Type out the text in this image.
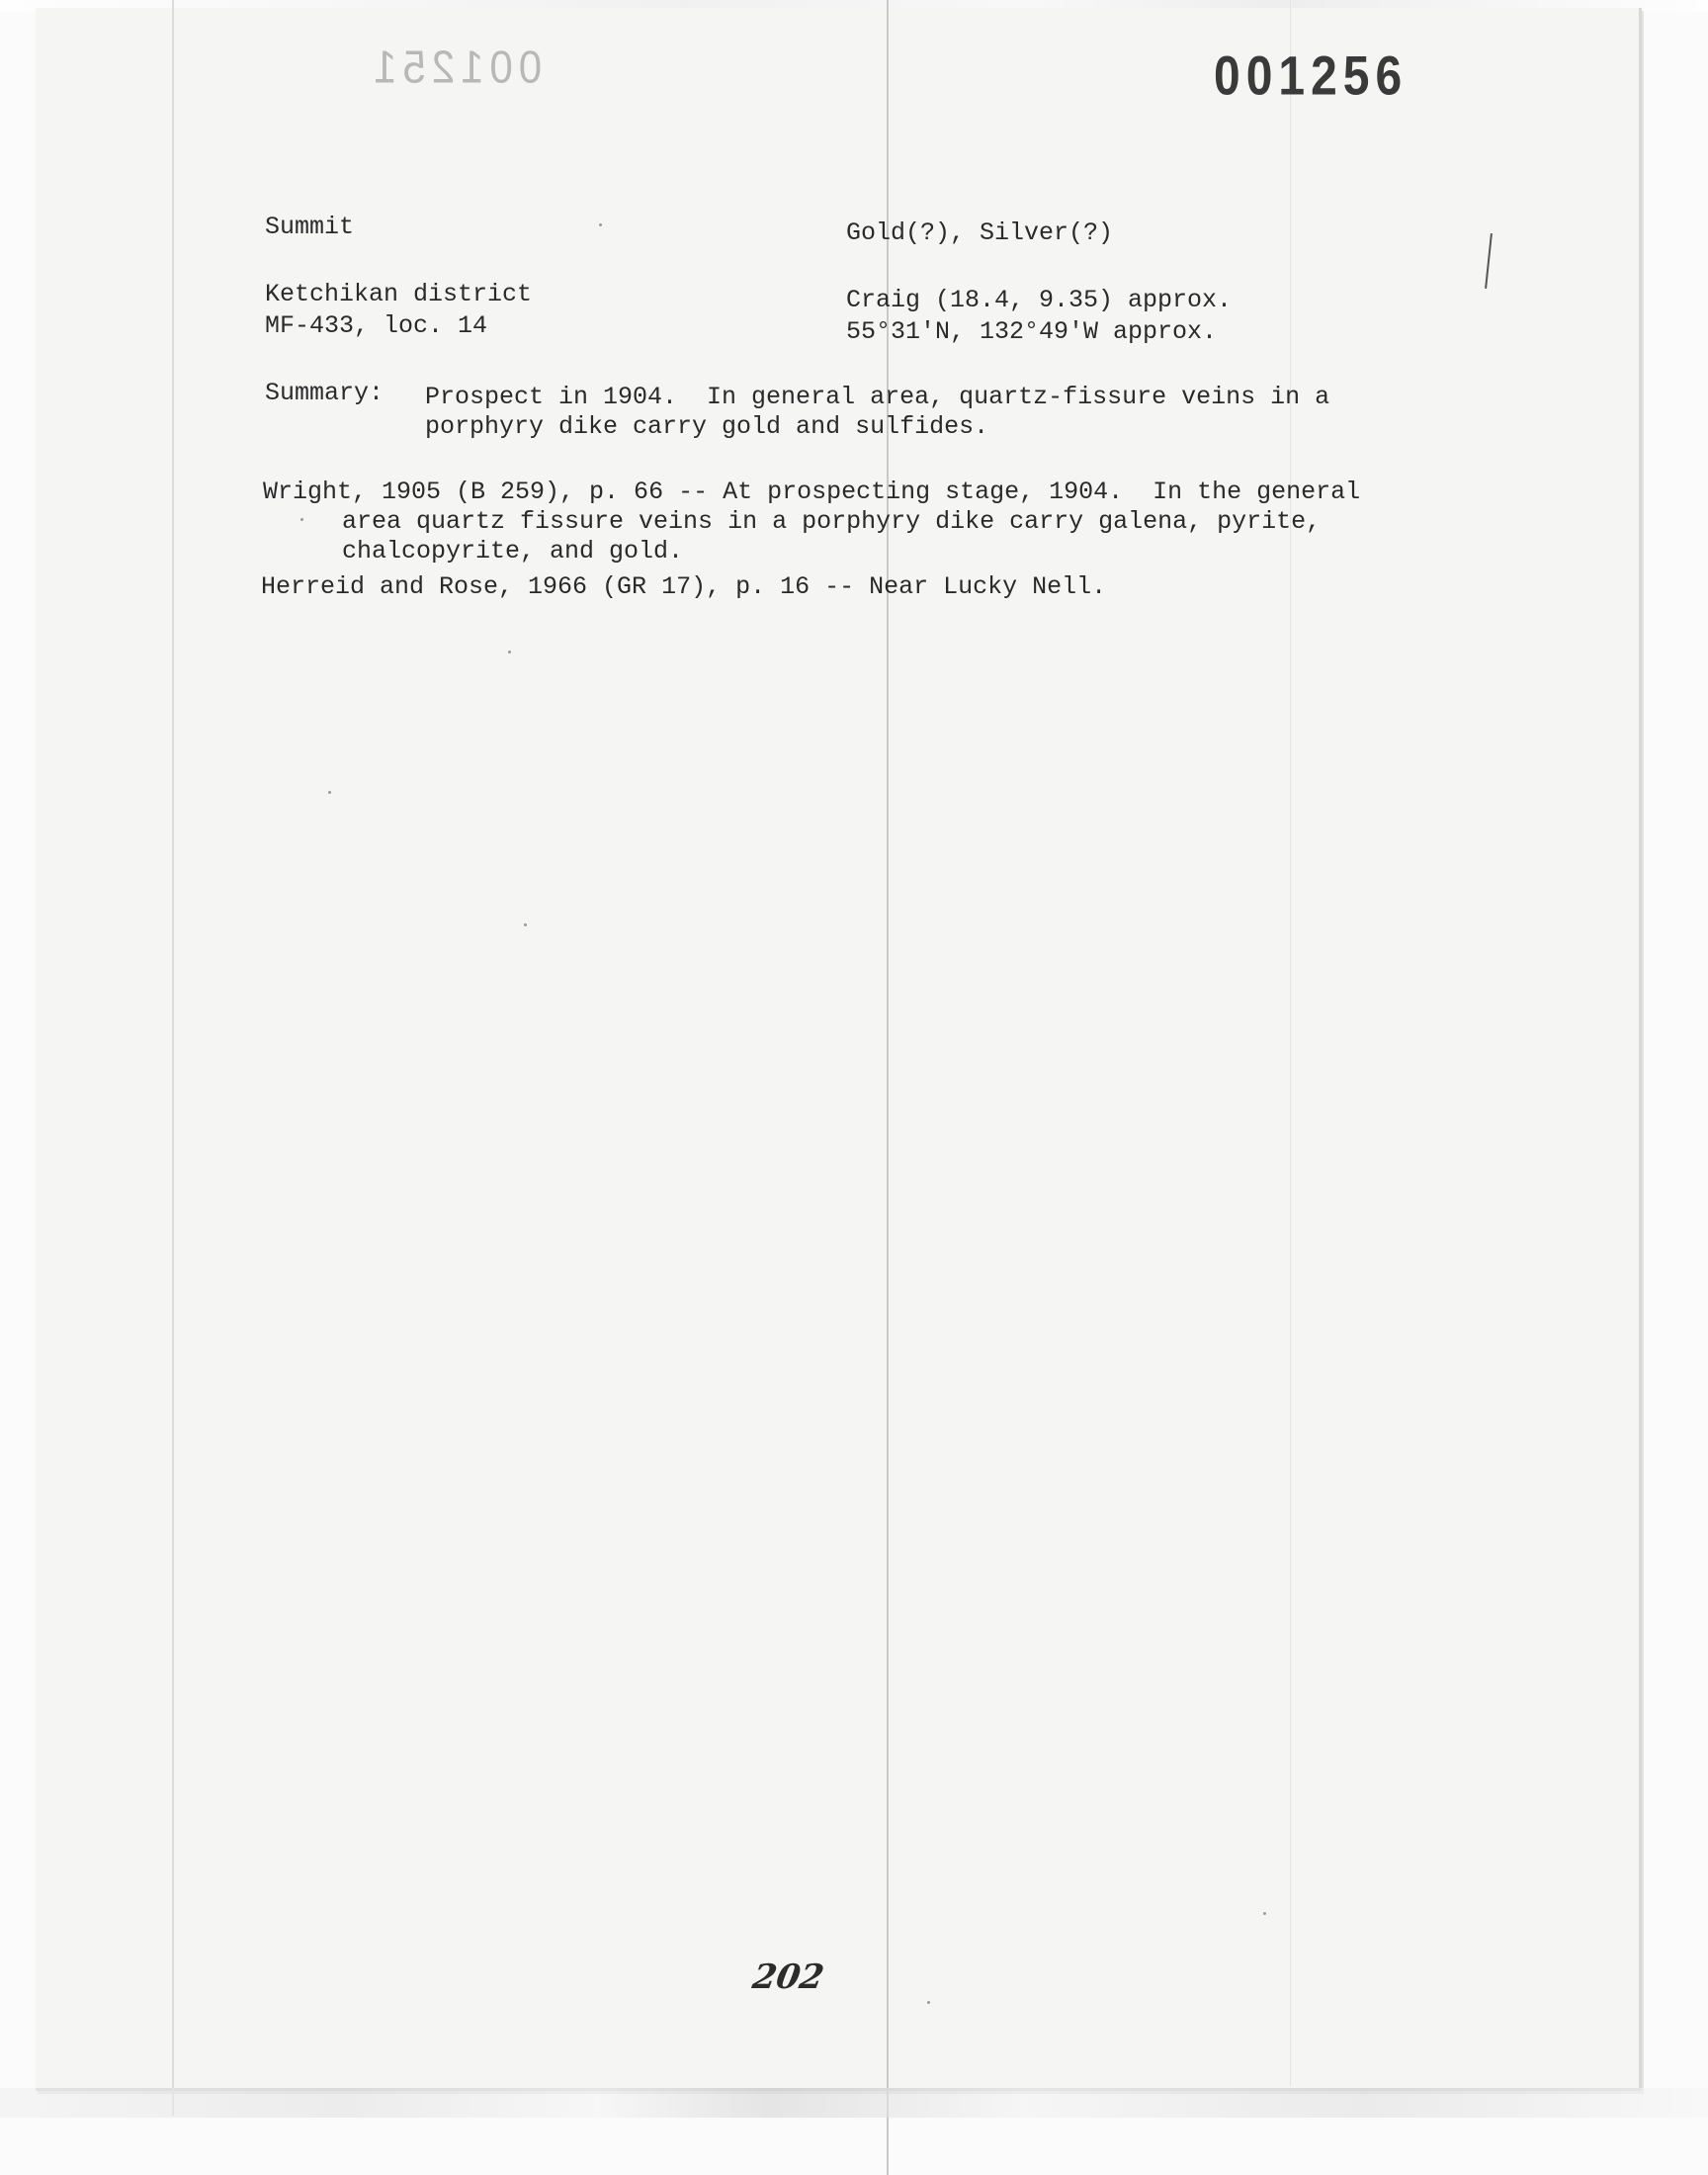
001251	001256
Summit	Gold(?), Silver(?)
Ketchikan district	Craig (18.4, 9.35) approx.
MF-433, loc. 14	55°31'N, 132°49'W approx.
Summary: Prospect in 1904.  In general area, quartz-fissure veins in a
porphyry dike carry gold and sulfides.
Wright, 1905 (B 259), p. 66 -- At prospecting stage, 1904.  In the general
area quartz fissure veins in a porphyry dike carry galena, pyrite,
chalcopyrite, and gold.
Herreid and Rose, 1966 (GR 17), p. 16 -- Near Lucky Nell.
202
